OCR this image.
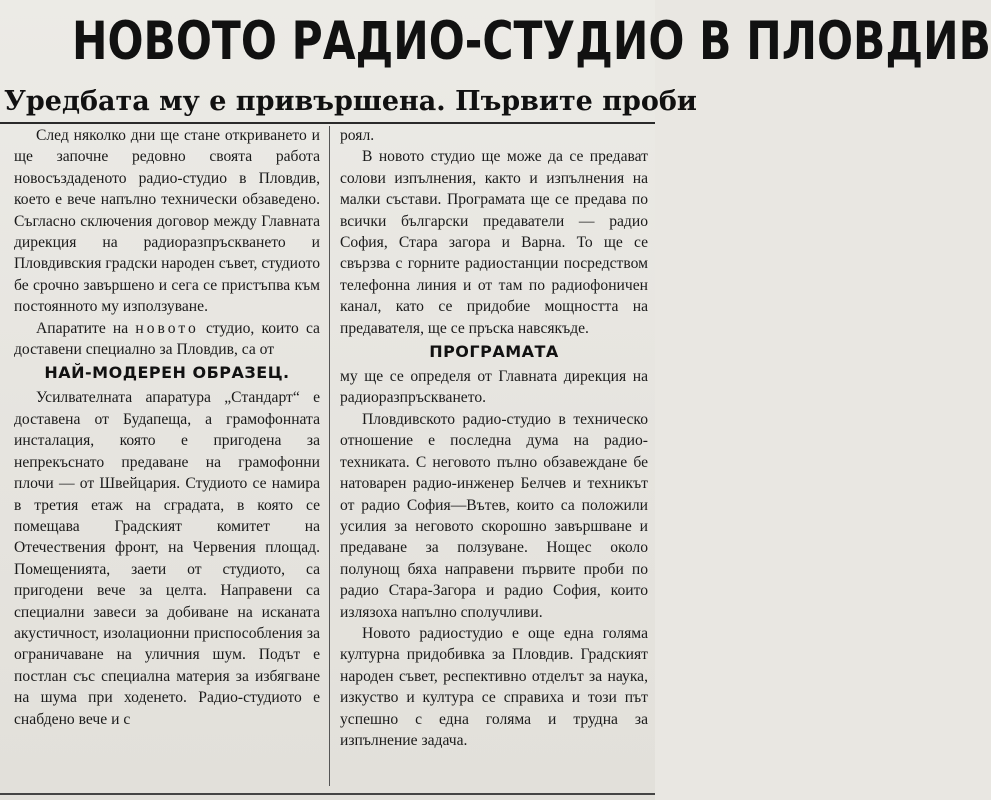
НОВОТО РАДИО-СТУДИО В ПЛОВДИВ
Уредбата му е привършена. Първите проби

След няколко дни ще стане откриването и ще започне редовно своята работа новосъздаденото радио-студио в Пловдив, което е вече напълно технически обзаведено. Съгласно сключения договор между Главната дирекция на радиоразпръскването и Пловдивския градски народен съвет, студиото бе срочно завършено и сега се пристъпва към постоянното му използуване.

Апаратите на новото студио, които са доставени специално за Пловдив, са от

НАЙ-МОДЕРЕН ОБРАЗЕЦ.

Усилвателната апаратура „Стандарт“ е доставена от Будапеща, а грамофонната инсталация, която е пригодена за непрекъснато предаване на грамофонни плочи — от Швейцария. Студиото се намира в третия етаж на сградата, в която се помещава Градският комитет на Отечествения фронт, на Червения площад. Помещенията, заети от студиото, са пригодени вече за целта. Направени са специални завеси за добиване на исканата акустичност, изолационни приспособления за ограничаване на уличния шум. Подът е постлан със специална материя за избягване на шума при ходенето. Радио-студиото е снабдено вече и с

роял.

В новото студио ще може да се предават солови изпълнения, както и изпълнения на малки състави. Програмата ще се предава по всички български предаватели — радио София, Стара загора и Варна. То ще се свързва с горните радиостанции посредством телефонна линия и от там по радиофоничен канал, като се придобие мощността на предавателя, ще се пръска навсякъде.

ПРОГРАМАТА

му ще се определя от Главната дирекция на радиоразпръскването.

Пловдивското радио-студио в техническо отношение е последна дума на радио-техниката. С неговото пълно обзавеждане бе натоварен радио-инженер Белчев и техникът от радио София—Вътев, които са положили усилия за неговото скорошно завършване и предаване за ползуване. Нощес около полунощ бяха направени първите проби по радио Стара-Загора и радио София, които излязоха напълно сполучливи.

Новото радиостудио е още една голяма културна придобивка за Пловдив. Градският народен съвет, респективно отделът за наука, изкуство и култура се справиха и този път успешно с една голяма и трудна за изпълнение задача.
